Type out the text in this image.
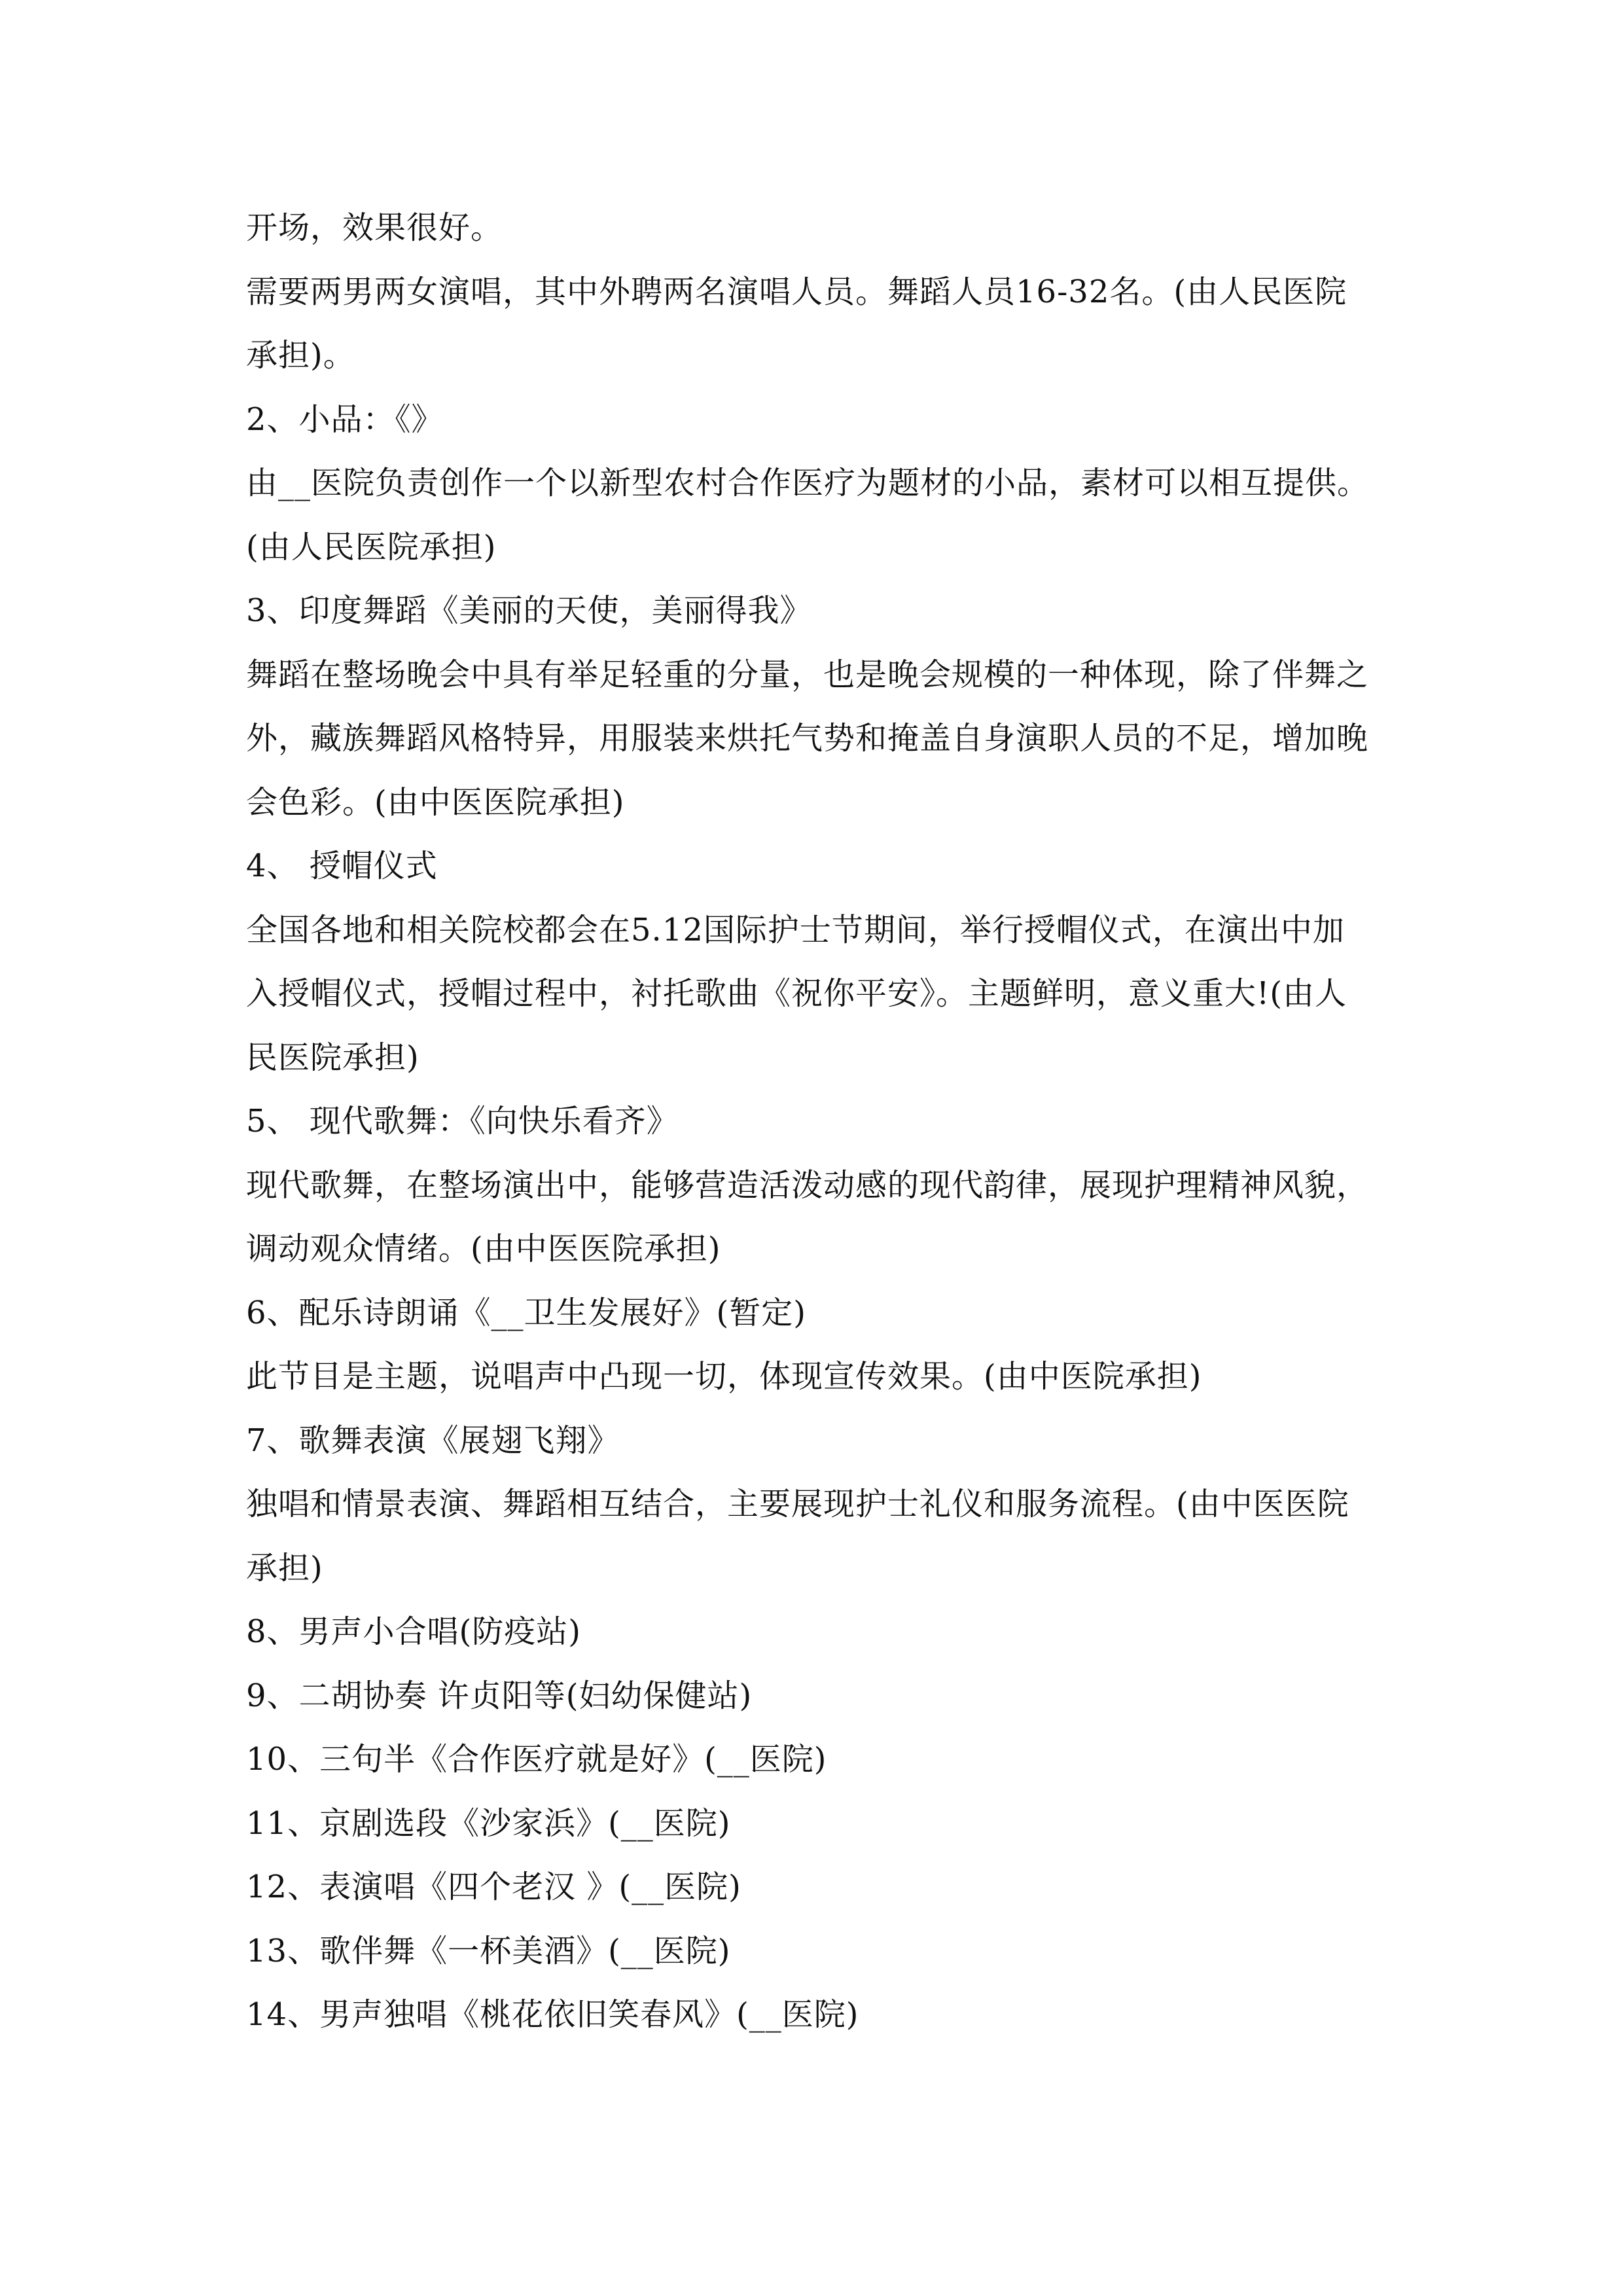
开场，效果很好。
需要两男两女演唱，其中外聘两名演唱人员。舞蹈人员16-32名。(由人民医院
承担)。
2、小品：《》
由__医院负责创作一个以新型农村合作医疗为题材的小品，素材可以相互提供。
(由人民医院承担)
3、印度舞蹈《美丽的天使，美丽得我》
舞蹈在整场晚会中具有举足轻重的分量，也是晚会规模的一种体现，除了伴舞之
外，藏族舞蹈风格特异，用服装来烘托气势和掩盖自身演职人员的不足，增加晚
会色彩。(由中医医院承担)
4、 授帽仪式
全国各地和相关院校都会在5.12国际护士节期间，举行授帽仪式，在演出中加
入授帽仪式，授帽过程中，衬托歌曲《祝你平安》。主题鲜明，意义重大!(由人
民医院承担)
5、 现代歌舞：《向快乐看齐》
现代歌舞，在整场演出中，能够营造活泼动感的现代韵律，展现护理精神风貌，
调动观众情绪。(由中医医院承担)
6、配乐诗朗诵《__卫生发展好》(暂定)
此节目是主题，说唱声中凸现一切，体现宣传效果。(由中医院承担)
7、歌舞表演《展翅飞翔》
独唱和情景表演、舞蹈相互结合，主要展现护士礼仪和服务流程。(由中医医院
承担)
8、男声小合唱(防疫站)
9、二胡协奏 许贞阳等(妇幼保健站)
10、三句半《合作医疗就是好》(__医院)
11、京剧选段《沙家浜》(__医院)
12、表演唱《四个老汉 》(__医院)
13、歌伴舞《一杯美酒》(__医院)
14、男声独唱《桃花依旧笑春风》(__医院)
